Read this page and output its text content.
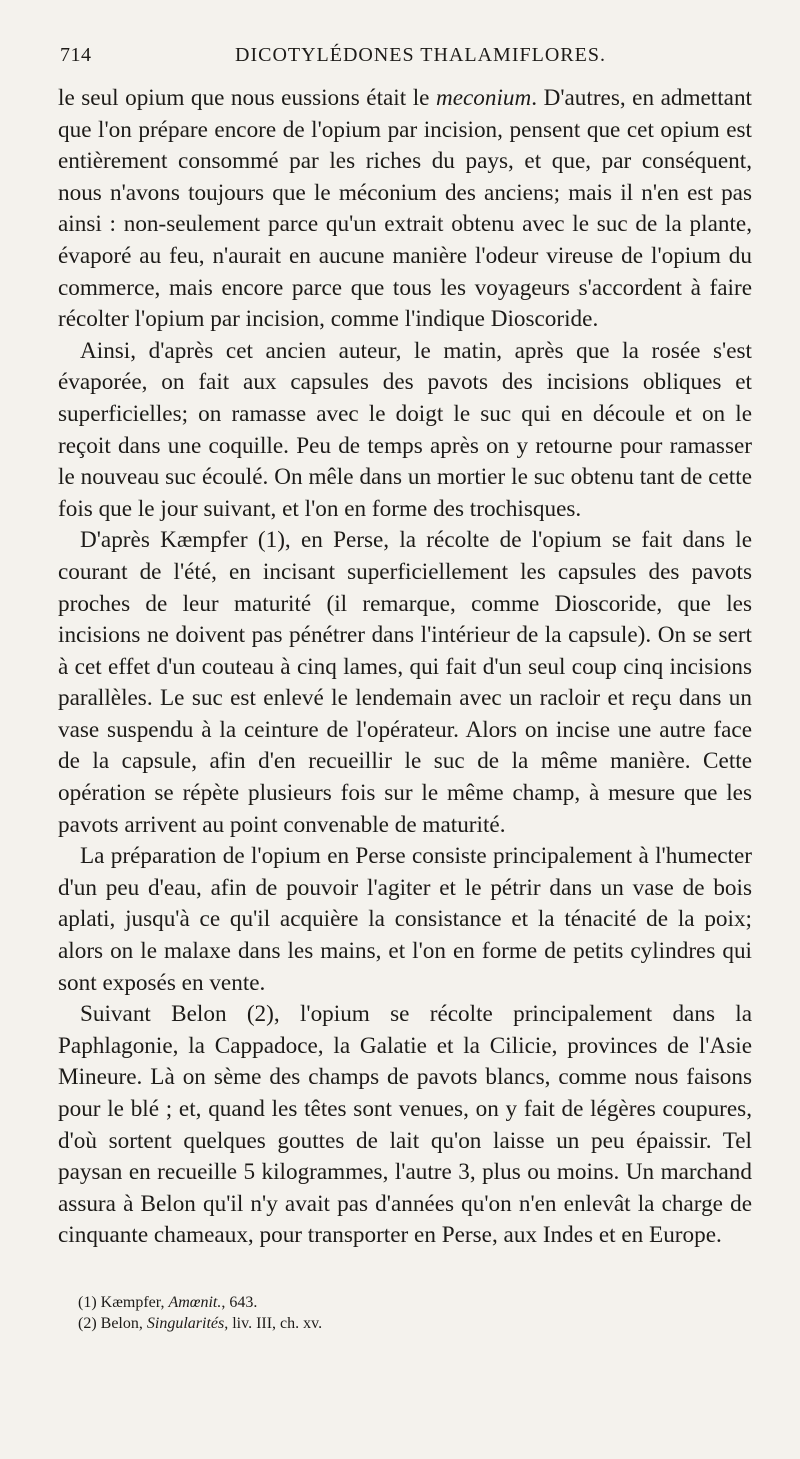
714	DICOTYLÉDONES THALAMIFLORES.

le seul opium que nous eussions était le meconium. D'autres, en admettant que l'on prépare encore de l'opium par incision, pensent que cet opium est entièrement consommé par les riches du pays, et que, par conséquent, nous n'avons toujours que le méconium des anciens; mais il n'en est pas ainsi : non-seulement parce qu'un extrait obtenu avec le suc de la plante, évaporé au feu, n'aurait en aucune manière l'odeur vireuse de l'opium du commerce, mais encore parce que tous les voyageurs s'accordent à faire récolter l'opium par incision, comme l'indique Dioscoride.

Ainsi, d'après cet ancien auteur, le matin, après que la rosée s'est évaporée, on fait aux capsules des pavots des incisions obliques et superficielles; on ramasse avec le doigt le suc qui en découle et on le reçoit dans une coquille. Peu de temps après on y retourne pour ramasser le nouveau suc écoulé. On mêle dans un mortier le suc obtenu tant de cette fois que le jour suivant, et l'on en forme des trochisques.

D'après Kæmpfer (1), en Perse, la récolte de l'opium se fait dans le courant de l'été, en incisant superficiellement les capsules des pavots proches de leur maturité (il remarque, comme Dioscoride, que les incisions ne doivent pas pénétrer dans l'intérieur de la capsule). On se sert à cet effet d'un couteau à cinq lames, qui fait d'un seul coup cinq incisions parallèles. Le suc est enlevé le lendemain avec un racloir et reçu dans un vase suspendu à la ceinture de l'opérateur. Alors on incise une autre face de la capsule, afin d'en recueillir le suc de la même manière. Cette opération se répète plusieurs fois sur le même champ, à mesure que les pavots arrivent au point convenable de maturité.

La préparation de l'opium en Perse consiste principalement à l'humecter d'un peu d'eau, afin de pouvoir l'agiter et le pétrir dans un vase de bois aplati, jusqu'à ce qu'il acquière la consistance et la ténacité de la poix; alors on le malaxe dans les mains, et l'on en forme de petits cylindres qui sont exposés en vente.

Suivant Belon (2), l'opium se récolte principalement dans la Paphlagonie, la Cappadoce, la Galatie et la Cilicie, provinces de l'Asie Mineure. Là on sème des champs de pavots blancs, comme nous faisons pour le blé ; et, quand les têtes sont venues, on y fait de légères coupures, d'où sortent quelques gouttes de lait qu'on laisse un peu épaissir. Tel paysan en recueille 5 kilogrammes, l'autre 3, plus ou moins. Un marchand assura à Belon qu'il n'y avait pas d'années qu'on n'en enlevât la charge de cinquante chameaux, pour transporter en Perse, aux Indes et en Europe.

(1) Kæmpfer, Amœnit., 643.

(2) Belon, Singularités, liv. III, ch. xv.
